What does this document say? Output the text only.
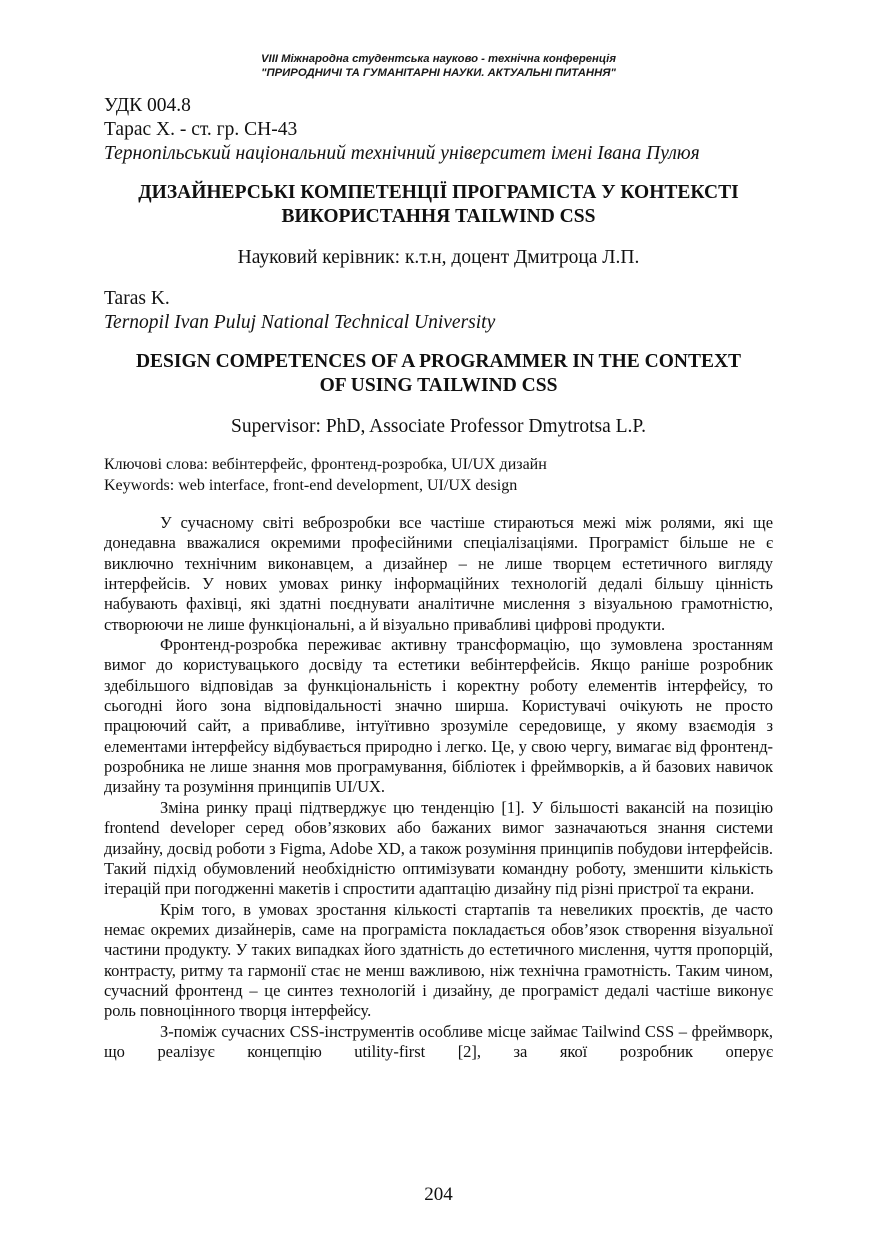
VIII Міжнародна студентська науково - технічна конференція
"ПРИРОДНИЧІ ТА ГУМАНІТАРНІ НАУКИ. АКТУАЛЬНІ ПИТАННЯ"
УДК 004.8
Тарас Х. - ст. гр. СН-43
Тернопільський національний технічний університет імені Івана Пулюя
ДИЗАЙНЕРСЬКІ КОМПЕТЕНЦІЇ ПРОГРАМІСТА У КОНТЕКСТІ
ВИКОРИСТАННЯ TAILWIND CSS
Науковий керівник: к.т.н, доцент Дмитроца Л.П.
Taras K.
Ternopil Ivan Puluj National Technical University
DESIGN COMPETENCES OF A PROGRAMMER IN THE CONTEXT
OF USING TAILWIND CSS
Supervisor: PhD, Associate Professor Dmytrotsa L.P.
Ключові слова: вебінтерфейс, фронтенд-розробка, UI/UX дизайн
Keywords: web interface, front-end development, UI/UX design

У сучасному світі веброзробки все частіше стираються межі між ролями, які ще донедавна вважалися окремими професійними спеціалізаціями. Програміст більше не є виключно технічним виконавцем, а дизайнер – не лише творцем естетичного вигляду інтерфейсів. У нових умовах ринку інформаційних технологій дедалі більшу цінність набувають фахівці, які здатні поєднувати аналітичне мислення з візуальною грамотністю, створюючи не лише функціональні, а й візуально привабливі цифрові продукти.

Фронтенд-розробка переживає активну трансформацію, що зумовлена зростанням вимог до користувацького досвіду та естетики вебінтерфейсів. Якщо раніше розробник здебільшого відповідав за функціональність і коректну роботу елементів інтерфейсу, то сьогодні його зона відповідальності значно ширша. Користувачі очікують не просто працюючий сайт, а привабливе, інтуїтивно зрозуміле середовище, у якому взаємодія з елементами інтерфейсу відбувається природно і легко. Це, у свою чергу, вимагає від фронтенд-розробника не лише знання мов програмування, бібліотек і фреймворків, а й базових навичок дизайну та розуміння принципів UI/UX.

Зміна ринку праці підтверджує цю тенденцію [1]. У більшості вакансій на позицію frontend developer серед обов’язкових або бажаних вимог зазначаються знання системи дизайну, досвід роботи з Figma, Adobe XD, а також розуміння принципів побудови інтерфейсів. Такий підхід обумовлений необхідністю оптимізувати командну роботу, зменшити кількість ітерацій при погодженні макетів і спростити адаптацію дизайну під різні пристрої та екрани.

Крім того, в умовах зростання кількості стартапів та невеликих проєктів, де часто немає окремих дизайнерів, саме на програміста покладається обов’язок створення візуальної частини продукту. У таких випадках його здатність до естетичного мислення, чуття пропорцій, контрасту, ритму та гармонії стає не менш важливою, ніж технічна грамотність. Таким чином, сучасний фронтенд – це синтез технологій і дизайну, де програміст дедалі частіше виконує роль повноцінного творця інтерфейсу.

З-поміж сучасних CSS-інструментів особливе місце займає Tailwind CSS – фреймворк, що реалізує концепцію utility-first [2], за якої розробник оперує

204
